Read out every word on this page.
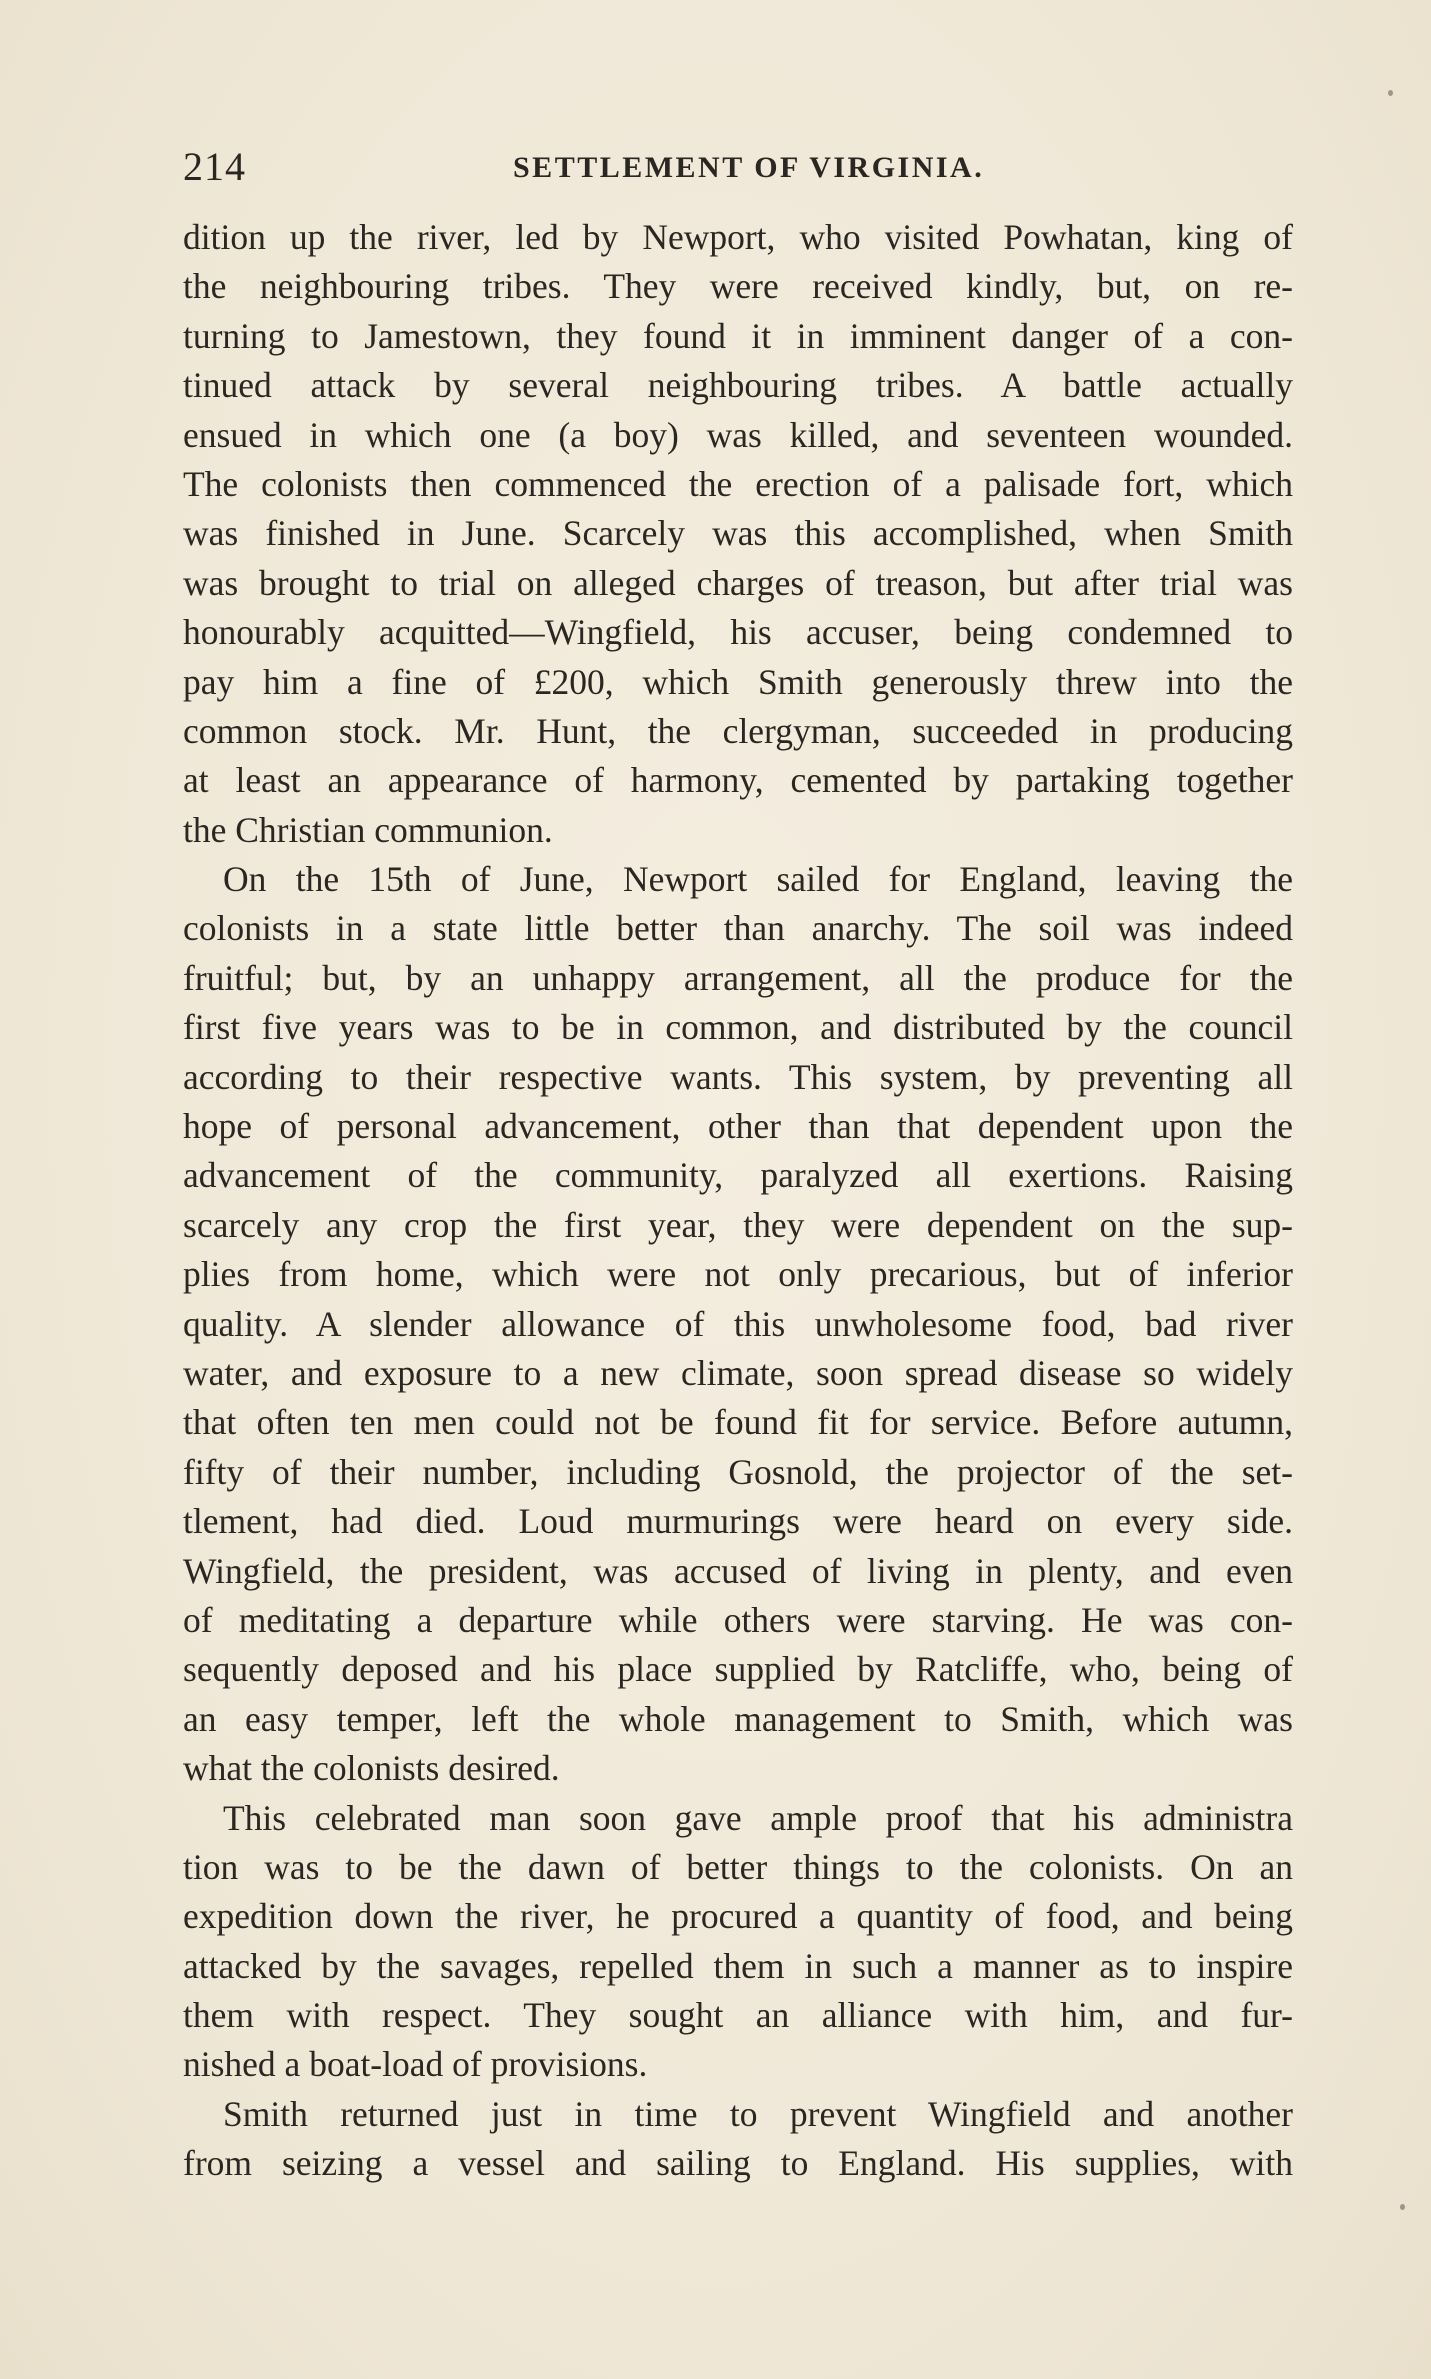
214	SETTLEMENT OF VIRGINIA.
dition up the river, led by Newport, who visited Powhatan, king of
the neighbouring tribes. They were received kindly, but, on re-
turning to Jamestown, they found it in imminent danger of a con-
tinued attack by several neighbouring tribes. A battle actually
ensued in which one (a boy) was killed, and seventeen wounded.
The colonists then commenced the erection of a palisade fort, which
was finished in June. Scarcely was this accomplished, when Smith
was brought to trial on alleged charges of treason, but after trial was
honourably acquitted—Wingfield, his accuser, being condemned to
pay him a fine of £200, which Smith generously threw into the
common stock. Mr. Hunt, the clergyman, succeeded in producing
at least an appearance of harmony, cemented by partaking together
the Christian communion.
On the 15th of June, Newport sailed for England, leaving the
colonists in a state little better than anarchy. The soil was indeed
fruitful; but, by an unhappy arrangement, all the produce for the
first five years was to be in common, and distributed by the council
according to their respective wants. This system, by preventing all
hope of personal advancement, other than that dependent upon the
advancement of the community, paralyzed all exertions. Raising
scarcely any crop the first year, they were dependent on the sup-
plies from home, which were not only precarious, but of inferior
quality. A slender allowance of this unwholesome food, bad river
water, and exposure to a new climate, soon spread disease so widely
that often ten men could not be found fit for service. Before autumn,
fifty of their number, including Gosnold, the projector of the set-
tlement, had died. Loud murmurings were heard on every side.
Wingfield, the president, was accused of living in plenty, and even
of meditating a departure while others were starving. He was con-
sequently deposed and his place supplied by Ratcliffe, who, being of
an easy temper, left the whole management to Smith, which was
what the colonists desired.
This celebrated man soon gave ample proof that his administra
tion was to be the dawn of better things to the colonists. On an
expedition down the river, he procured a quantity of food, and being
attacked by the savages, repelled them in such a manner as to inspire
them with respect. They sought an alliance with him, and fur-
nished a boat-load of provisions.
Smith returned just in time to prevent Wingfield and another
from seizing a vessel and sailing to England. His supplies, with
